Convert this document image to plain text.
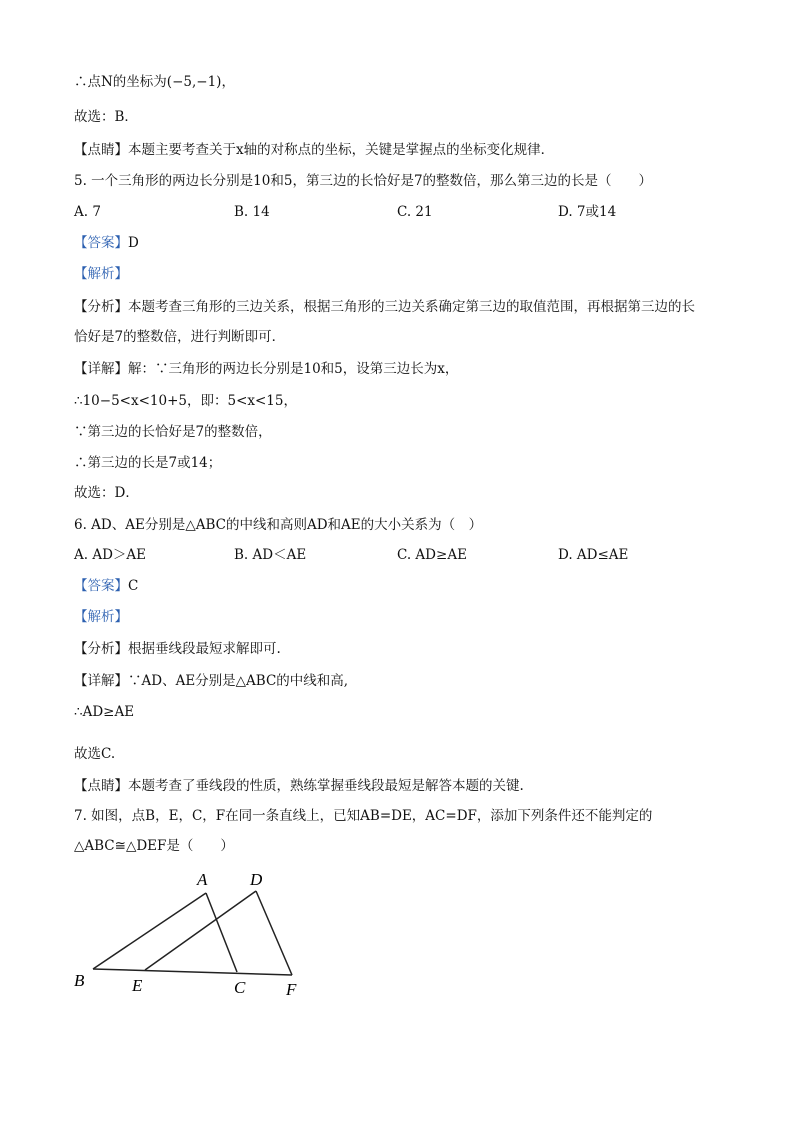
∴点N的坐标为(−5,−1)，
故选：B．
【点睛】本题主要考查关于x轴的对称点的坐标，关键是掌握点的坐标变化规律．
5. 一个三角形的两边长分别是10和5，第三边的长恰好是7的整数倍，那么第三边的长是（　　）
A. 7	B. 14	C. 21	D. 7或14
【答案】D
【解析】
【分析】本题考查三角形的三边关系，根据三角形的三边关系确定第三边的取值范围，再根据第三边的长
恰好是7的整数倍，进行判断即可．
【详解】解：∵三角形的两边长分别是10和5，设第三边长为x，
∴10−5<x<10+5，即：5<x<15，
∵第三边的长恰好是7的整数倍，
∴第三边的长是7或14；
故选：D．
6. AD、AE分别是△ABC的中线和高则AD和AE的大小关系为（　）
A. AD＞AE	B. AD＜AE	C. AD≥AE	D. AD≤AE
【答案】C
【解析】
【分析】根据垂线段最短求解即可.
【详解】∵AD、AE分别是△ABC的中线和高,
∴AD≥AE
故选C.
【点睛】本题考查了垂线段的性质，熟练掌握垂线段最短是解答本题的关键.
7. 如图，点B，E，C，F在同一条直线上，已知AB=DE，AC=DF，添加下列条件还不能判定的
△ABC≅△DEF是（　　）
A	D
B	E	C F
